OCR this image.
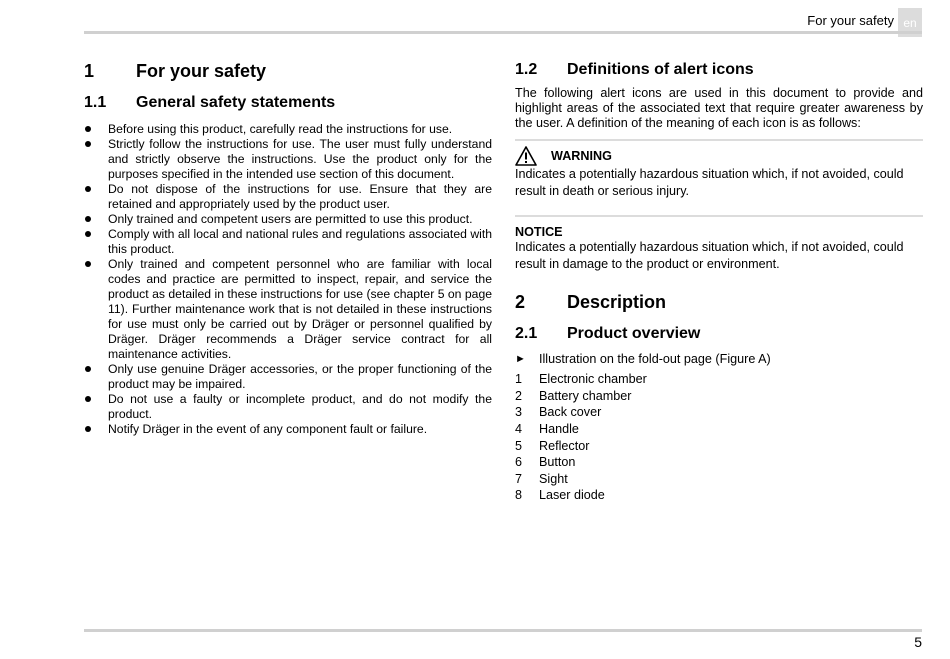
For your safety en
1	For your safety
1.1	General safety statements
Before using this product, carefully read the instructions for use.
Strictly follow the instructions for use. The user must fully understand and strictly observe the instructions. Use the product only for the purposes specified in the intended use section of this document.
Do not dispose of the instructions for use. Ensure that they are retained and appropriately used by the product user.
Only trained and competent users are permitted to use this product.
Comply with all local and national rules and regulations associated with this product.
Only trained and competent personnel who are familiar with local codes and practice are permitted to inspect, repair, and service the product as detailed in these instructions for use (see chapter 5 on page 11). Further maintenance work that is not detailed in these instructions for use must only be carried out by Dräger or personnel qualified by Dräger. Dräger recommends a Dräger service contract for all maintenance activities.
Only use genuine Dräger accessories, or the proper functioning of the product may be impaired.
Do not use a faulty or incomplete product, and do not modify the product.
Notify Dräger in the event of any component fault or failure.
1.2	Definitions of alert icons

The following alert icons are used in this document to provide and highlight areas of the associated text that require greater awareness by the user. A definition of the meaning of each icon is as follows:

WARNING

Indicates a potentially hazardous situation which, if not avoided, could result in death or serious injury.

NOTICE

Indicates a potentially hazardous situation which, if not avoided, could result in damage to the product or environment.

2	Description
2.1	Product overview
►	Illustration on the fold-out page (Figure A)
1	Electronic chamber
2	Battery chamber
3	Back cover
4	Handle
5	Reflector
6	Button
7	Sight
8	Laser diode
5
